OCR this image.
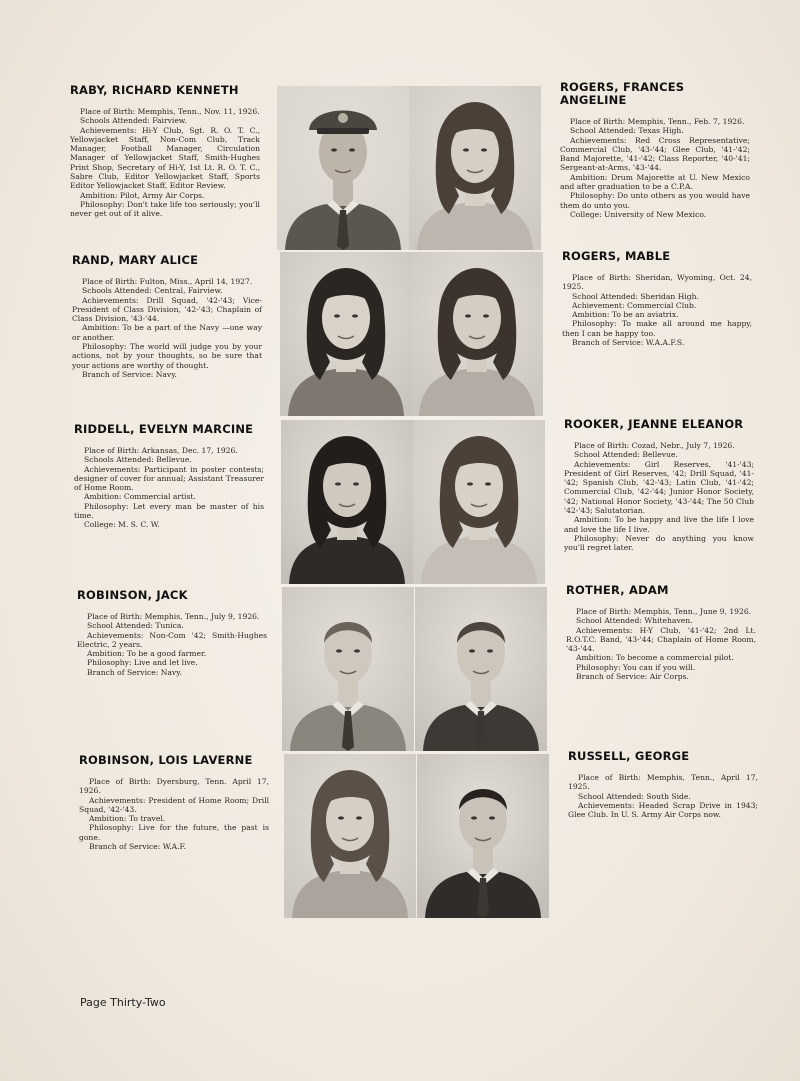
RABY, RICHARD KENNETH

Place of Birth: Memphis, Tenn., Nov. 11, 1926.

Schools Attended: Fairview.

Achievements: Hi-Y Club, Sgt. R. O. T. C., Yellowjacket Staff, Non-Com Club, Track Manager, Football Manager, Circulation Manager of Yellowjacket Staff, Smith-Hughes Print Shop, Secretary of Hi-Y, 1st Lt. R. O. T. C., Sabre Club, Editor Yellowjacket Staff, Sports Editor Yellowjacket Staff, Editor Review.

Ambition: Pilot, Army Air Corps.

Philosophy: Don't take life too seriously; you'll never get out of it alive.

RAND, MARY ALICE

Place of Birth: Fulton, Miss., April 14, 1927.

Schools Attended: Central, Fairview.

Achievements: Drill Squad, '42-'43; Vice-President of Class Division, '42-'43; Chaplain of Class Division, '43-'44.

Ambition: To be a part of the Navy —one way or another.

Philosophy: The world will judge you by your actions, not by your thoughts, so be sure that your actions are worthy of thought.

Branch of Service: Navy.

RIDDELL, EVELYN MARCINE

Place of Birth: Arkansas, Dec. 17, 1926.

Schools Attended: Bellevue.

Achievements: Participant in poster contests; designer of cover for annual; Assistant Treasurer of Home Room.

Ambition: Commercial artist.

Philosophy: Let every man be master of his time.

College: M. S. C. W.

ROBINSON, JACK

Place of Birth: Memphis, Tenn., July 9, 1926.

School Attended: Tunica.

Achievements: Non-Com '42; Smith-Hughes Electric, 2 years.

Ambition: To be a good farmer.

Philosophy: Live and let live.

Branch of Service: Navy.

ROBINSON, LOIS LAVERNE

Place of Birth: Dyersburg, Tenn. April 17, 1926.

Achievements: President of Home Room; Drill Squad, '42-'43.

Ambition: To travel.

Philosophy: Live for the future, the past is gone.

Branch of Service: W.A.F.

ROGERS, FRANCES ANGELINE

Place of Birth: Memphis, Tenn., Feb. 7, 1926.

School Attended: Texas High.

Achievements: Red Cross Representative; Commercial Club, '43-'44; Glee Club, '41-'42; Band Majorette, '41-'42; Class Reporter, '40-'41; Sergeant-at-Arms, '43-'44.

Ambition: Drum Majorette at U. New Mexico and after graduation to be a C.P.A.

Philosophy: Do unto others as you would have them do unto you.

College: University of New Mexico.

ROGERS, MABLE

Place of Birth: Sheridan, Wyoming, Oct. 24, 1925.

School Attended: Sheridan High.

Achievement: Commercial Club.

Ambition: To be an aviatrix.

Philosophy: To make all around me happy, then I can be happy too.

Branch of Service: W.A.A.F.S.

ROOKER, JEANNE ELEANOR

Place of Birth: Cozad, Nebr., July 7, 1926.

School Attended: Bellevue.

Achievements: Girl Reserves, '41-'43; President of Girl Reserves, '42; Drill Squad, '41-'42; Spanish Club, '42-'43; Latin Club, '41-'42; Commercial Club, '42-'44; Junior Honor Society, '42; National Honor Society, '43-'44; The 50 Club '42-'43; Salutatorian.

Ambition: To be happy and live the life I love and love the life I live.

Philosophy: Never do anything you know you'll regret later.

ROTHER, ADAM

Place of Birth: Memphis, Tenn., June 9, 1926.

School Attended: Whitehaven.

Achievements: H-Y Club, '41-'42; 2nd Lt. R.O.T.C. Band, '43-'44; Chaplain of Home Room, '43-'44.

Ambition: To become a commercial pilot.

Philosophy: You can if you will.

Branch of Service: Air Corps.

RUSSELL, GEORGE

Place of Birth: Memphis, Tenn., April 17, 1925.

School Attended: South Side.

Achievements: Headed Scrap Drive in 1943; Glee Club. In U. S. Army Air Corps now.

Page Thirty-Two
